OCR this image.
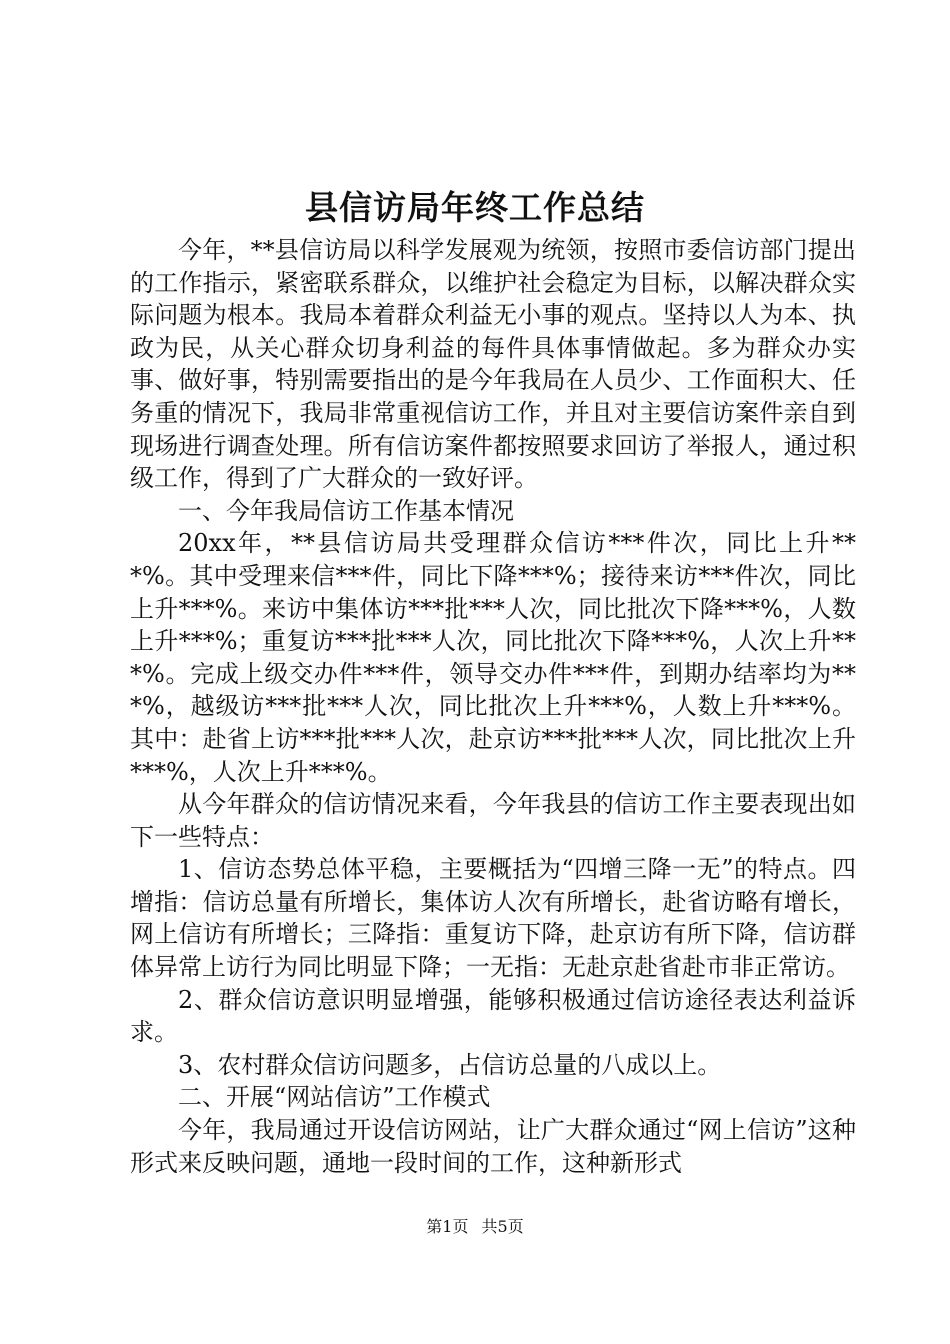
县信访局年终工作总结

今年，**县信访局以科学发展观为统领，按照市委信访部门提出的工作指示，紧密联系群众，以维护社会稳定为目标，以解决群众实际问题为根本。我局本着群众利益无小事的观点。坚持以人为本、执政为民，从关心群众切身利益的每件具体事情做起。多为群众办实事、做好事，特别需要指出的是今年我局在人员少、工作面积大、任务重的情况下，我局非常重视信访工作，并且对主要信访案件亲自到现场进行调查处理。所有信访案件都按照要求回访了举报人，通过积级工作，得到了广大群众的一致好评。

一、今年我局信访工作基本情况

20xx年，**县信访局共受理群众信访***件次，同比上升***%。其中受理来信***件，同比下降***%；接待来访***件次，同比上升***%。来访中集体访***批***人次，同比批次下降***%，人数上升***%；重复访***批***人次，同比批次下降***%，人次上升***%。完成上级交办件***件，领导交办件***件，到期办结率均为***%，越级访***批***人次，同比批次上升***%，人数上升***%。其中：赴省上访***批***人次，赴京访***批***人次，同比批次上升***%，人次上升***%。

从今年群众的信访情况来看，今年我县的信访工作主要表现出如下一些特点：

1、信访态势总体平稳，主要概括为“四增三降一无”的特点。四增指：信访总量有所增长，集体访人次有所增长，赴省访略有增长，网上信访有所增长；三降指：重复访下降，赴京访有所下降，信访群体异常上访行为同比明显下降；一无指：无赴京赴省赴市非正常访。

2、群众信访意识明显增强，能够积极通过信访途径表达利益诉求。

3、农村群众信访问题多，占信访总量的八成以上。

二、开展“网站信访”工作模式

今年，我局通过开设信访网站，让广大群众通过“网上信访”这种形式来反映问题，通地一段时间的工作，这种新形式

第1页 共5页
